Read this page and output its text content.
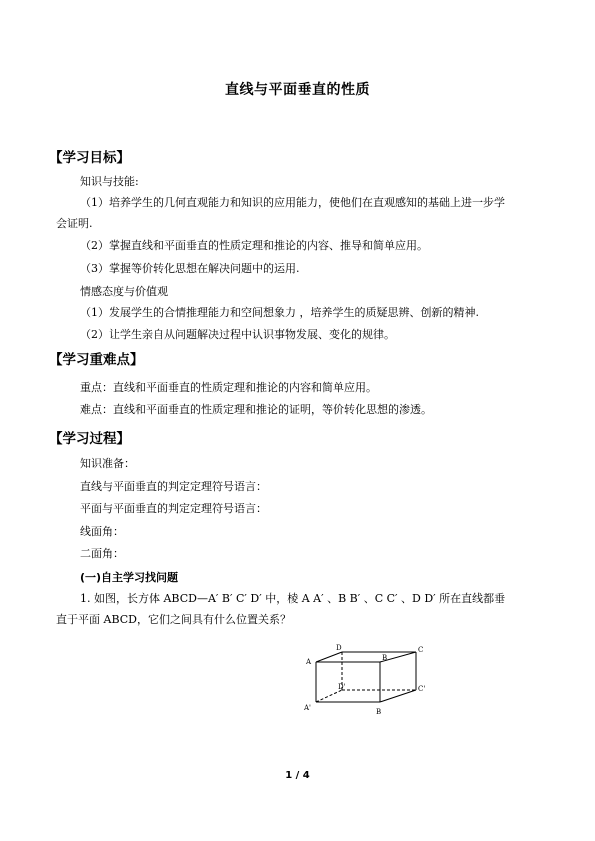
直线与平面垂直的性质
【学习目标】
知识与技能:
（1）培养学生的几何直观能力和知识的应用能力，使他们在直观感知的基础上进一步学
会证明.
（2）掌握直线和平面垂直的性质定理和推论的内容、推导和简单应用。
（3）掌握等价转化思想在解决问题中的运用.
情感态度与价值观
（1）发展学生的合情推理能力和空间想象力 ，培养学生的质疑思辨、创新的精神.
（2）让学生亲自从问题解决过程中认识事物发展、变化的规律。
【学习重难点】
重点：直线和平面垂直的性质定理和推论的内容和简单应用。
难点：直线和平面垂直的性质定理和推论的证明，等价转化思想的渗透。
【学习过程】
知识准备：
直线与平面垂直的判定定理符号语言：
平面与平面垂直的判定定理符号语言：
线面角：
二面角：
(一)自主学习找问题
1. 如图，长方体 ABCD—A′ B′ C′ D′ 中，棱 A A′ 、B B′ 、C C′ 、D D′ 所在直线都垂
直于平面 ABCD，它们之间具有什么位置关系？
D
A	B
C
D'	C'
A'	B
1 / 4
